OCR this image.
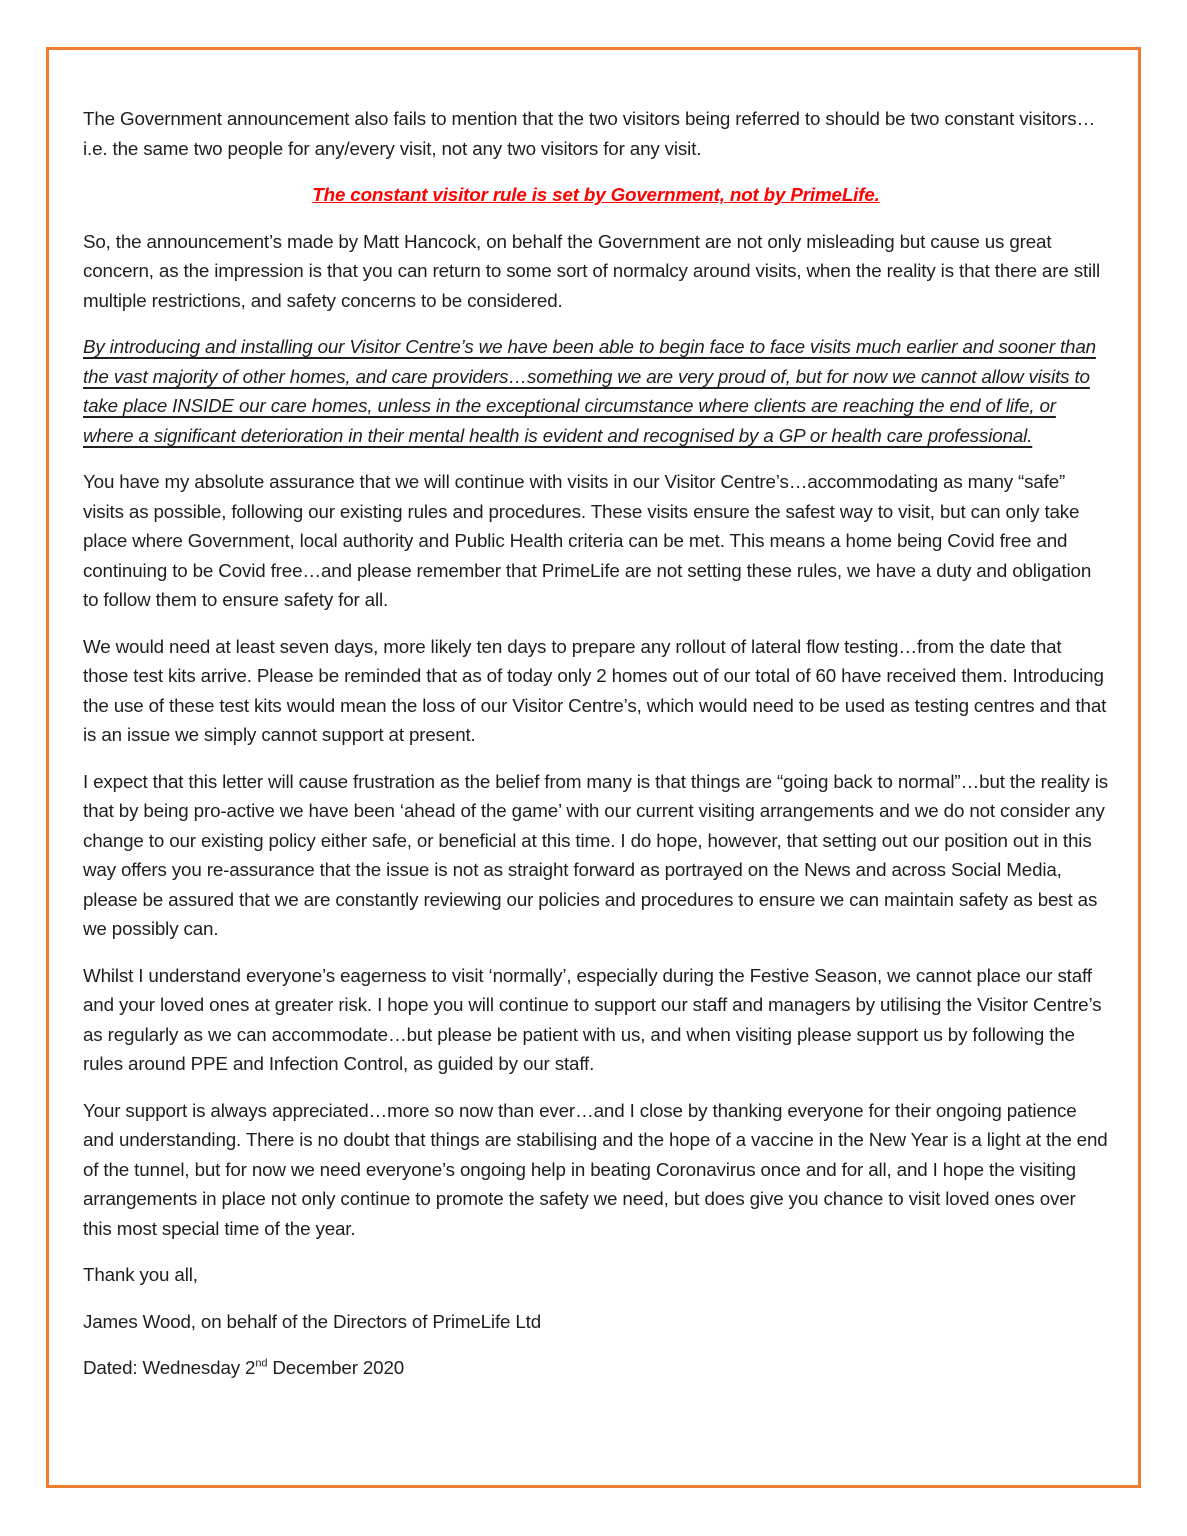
The Government announcement also fails to mention that the two visitors being referred to should be two constant visitors…i.e. the same two people for any/every visit, not any two visitors for any visit.

The constant visitor rule is set by Government, not by PrimeLife.

So, the announcement’s made by Matt Hancock, on behalf the Government are not only misleading but cause us great concern, as the impression is that you can return to some sort of normalcy around visits, when the reality is that there are still multiple restrictions, and safety concerns to be considered.

By introducing and installing our Visitor Centre’s we have been able to begin face to face visits much earlier and sooner than the vast majority of other homes, and care providers…something we are very proud of, but for now we cannot allow visits to take place INSIDE our care homes, unless in the exceptional circumstance where clients are reaching the end of life, or where a significant deterioration in their mental health is evident and recognised by a GP or health care professional.

You have my absolute assurance that we will continue with visits in our Visitor Centre’s…accommodating as many “safe” visits as possible, following our existing rules and procedures. These visits ensure the safest way to visit, but can only take place where Government, local authority and Public Health criteria can be met. This means a home being Covid free and continuing to be Covid free…and please remember that PrimeLife are not setting these rules, we have a duty and obligation to follow them to ensure safety for all.

We would need at least seven days, more likely ten days to prepare any rollout of lateral flow testing…from the date that those test kits arrive. Please be reminded that as of today only 2 homes out of our total of 60 have received them. Introducing the use of these test kits would mean the loss of our Visitor Centre’s, which would need to be used as testing centres and that is an issue we simply cannot support at present.

I expect that this letter will cause frustration as the belief from many is that things are “going back to normal”…but the reality is that by being pro-active we have been ‘ahead of the game’ with our current visiting arrangements and we do not consider any change to our existing policy either safe, or beneficial at this time. I do hope, however, that setting out our position out in this way offers you re-assurance that the issue is not as straight forward as portrayed on the News and across Social Media, please be assured that we are constantly reviewing our policies and procedures to ensure we can maintain safety as best as we possibly can.

Whilst I understand everyone’s eagerness to visit ‘normally’, especially during the Festive Season, we cannot place our staff and your loved ones at greater risk. I hope you will continue to support our staff and managers by utilising the Visitor Centre’s as regularly as we can accommodate…but please be patient with us, and when visiting please support us by following the rules around PPE and Infection Control, as guided by our staff.

Your support is always appreciated…more so now than ever…and I close by thanking everyone for their ongoing patience and understanding. There is no doubt that things are stabilising and the hope of a vaccine in the New Year is a light at the end of the tunnel, but for now we need everyone’s ongoing help in beating Coronavirus once and for all, and I hope the visiting arrangements in place not only continue to promote the safety we need, but does give you chance to visit loved ones over this most special time of the year.

Thank you all,

James Wood, on behalf of the Directors of PrimeLife Ltd

Dated: Wednesday 2nd December 2020
